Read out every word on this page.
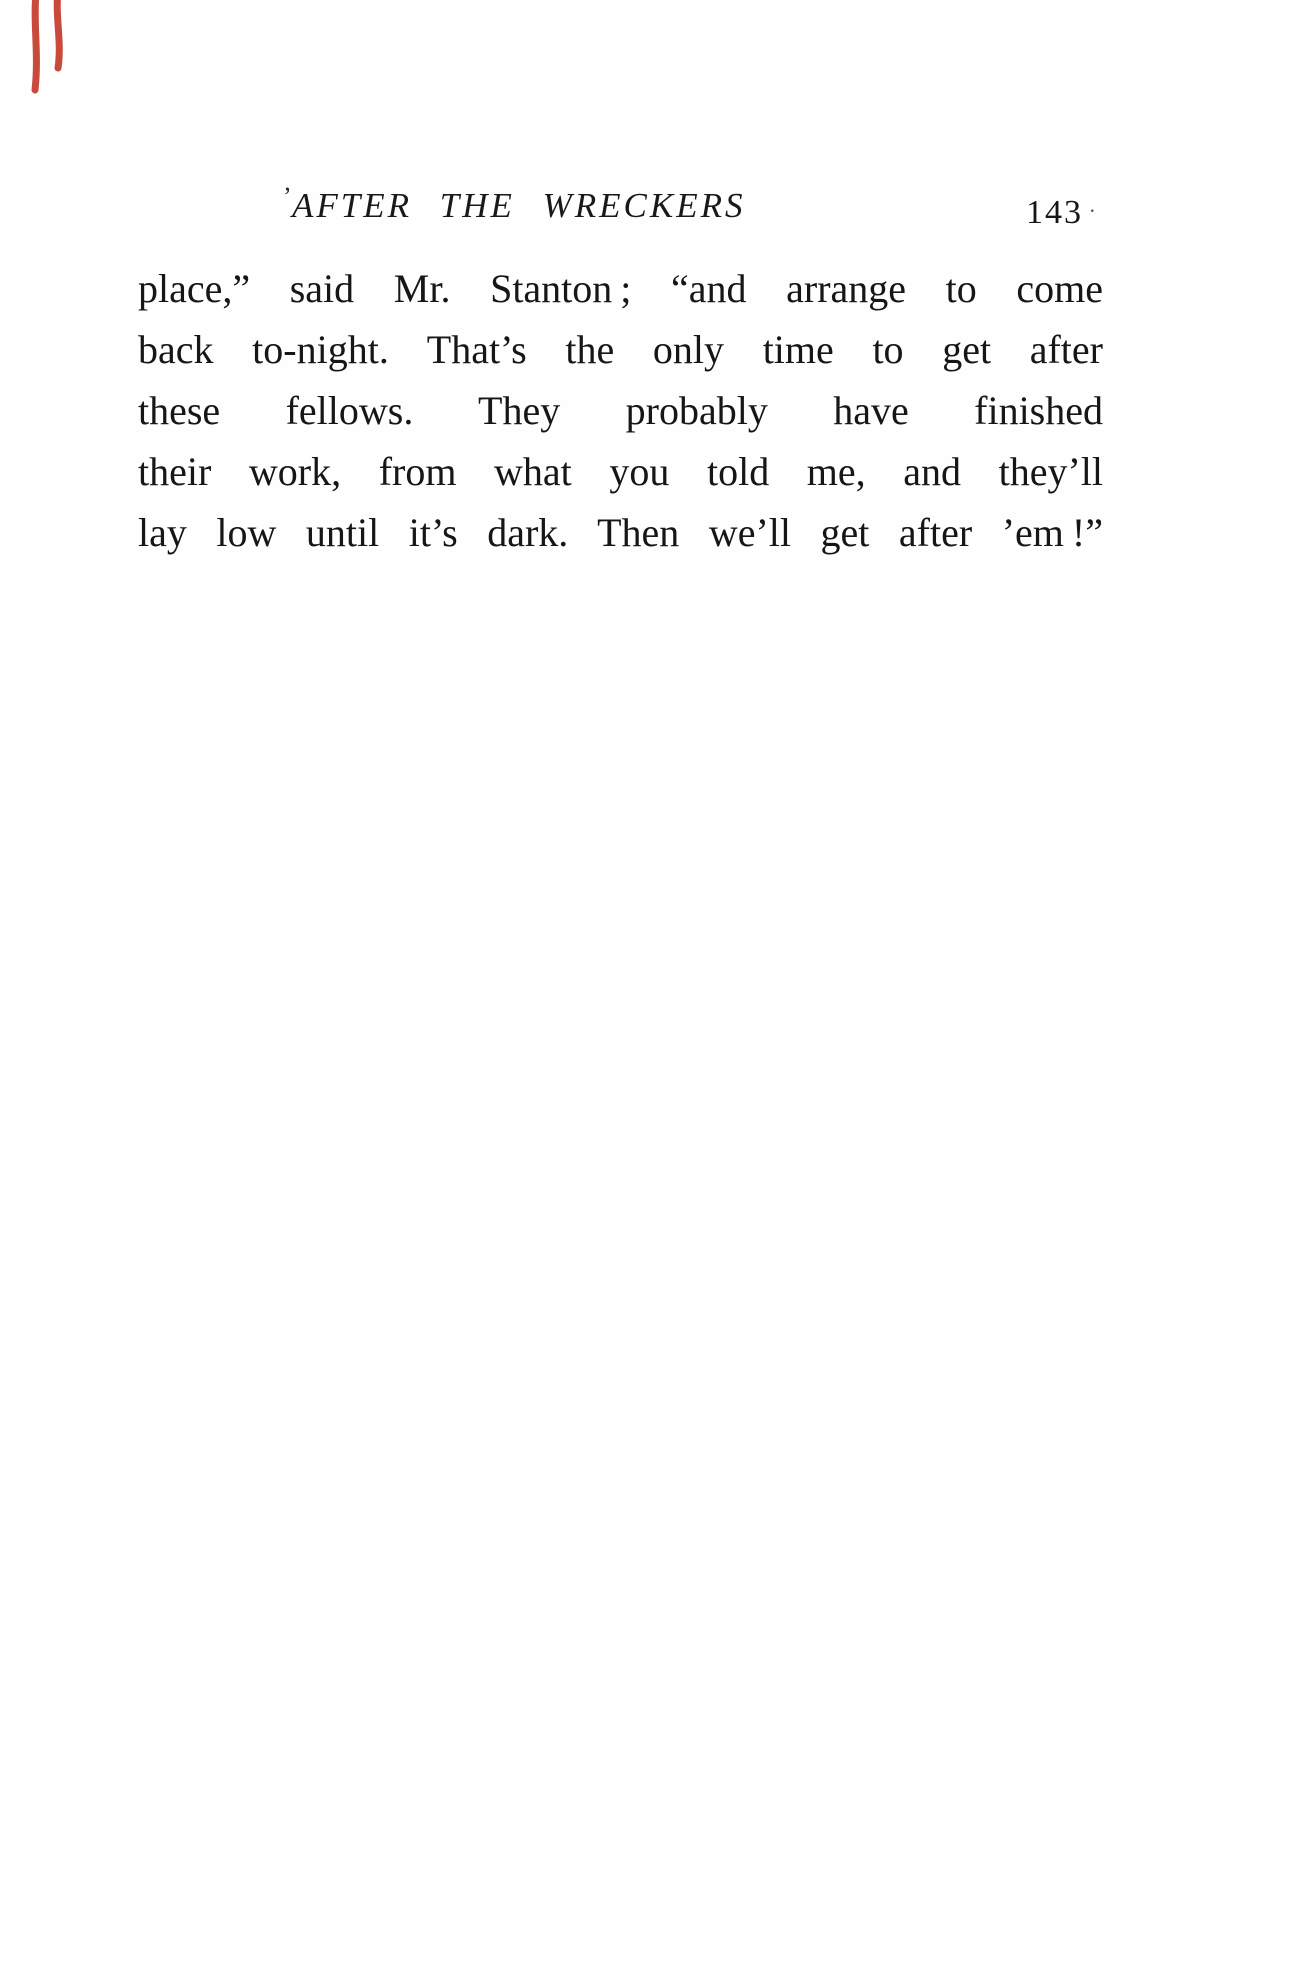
’ AFTER THE WRECKERS	143 .
place,” said Mr. Stanton ; “and arrange to come
back to-night. That’s the only time to get after
these fellows. They probably have finished
their work, from what you told me, and they’ll
lay low until it’s dark. Then we’ll get after ’em !”
